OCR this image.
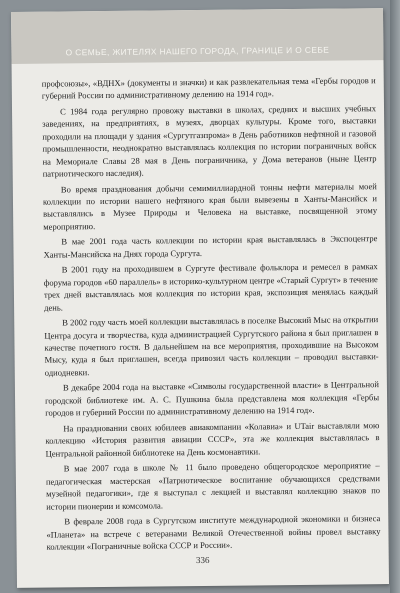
О СЕМЬЕ, ЖИТЕЛЯХ НАШЕГО ГОРОДА, ГРАНИЦЕ И О СЕБЕ

профсоюзы», «ВДНХ» (документы и значки) и как развлекательная тема «Гербы городов и губерний России по административному делению на 1914 год».

С 1984 года регулярно провожу выставки в школах, средних и высших учебных заведениях, на предприятиях, в музеях, дворцах культуры. Кроме того, выставки проходили на площади у здания «Сургутгазпрома» в День работников нефтяной и газовой промышленности, неоднократно выставлялась коллекция по истории пограничных войск на Мемориале Славы 28 мая в День пограничника, у Дома ветеранов (ныне Центр патриотического наследия).

Во время празднования добычи семимиллиардной тонны нефти материалы моей коллекции по истории нашего нефтяного края были вывезены в Ханты-Мансийск и выставлялись в Музее Природы и Человека на выставке, посвященной этому мероприятию.

В мае 2001 года часть коллекции по истории края выставлялась в Экспоцентре Ханты-Мансийска на Днях города Сургута.

В 2001 году на проходившем в Сургуте фестивале фольклора и ремесел в рамках форума городов «60 параллель» в историко-культурном центре «Старый Сургут» в течение трех дней выставлялась моя коллекция по истории края, экспозиция менялась каждый день.

В 2002 году часть моей коллекции выставлялась в поселке Высокий Мыс на открытии Центра досуга и творчества, куда администрацией Сургутского района я был приглашен в качестве почетного гостя. В дальнейшем на все мероприятия, проходившие на Высоком Мысу, куда я был приглашен, всегда привозил часть коллекции – проводил выставки-одиодневки.

В декабре 2004 года на выставке «Символы государственной власти» в Центральной городской библиотеке им. А. С. Пушкина была представлена моя коллекция «Гербы городов и губерний России по административному делению на 1914 год».

На праздновании своих юбилеев авиакомпании «Колавиа» и UTair выставляли мою коллекцию «История развития авиации СССР», эта же коллекция выставлялась в Центральной районной библиотеке на День космонавтики.

В мае 2007 года в школе № 11 было проведено общегородское мероприятие – педагогическая мастерская «Патриотическое воспитание обучающихся средствами музейной педагогики», где я выступал с лекцией и выставлял коллекцию знаков по истории пионерии и комсомола.

В феврале 2008 года в Сургутском институте международной экономики и бизнеса «Планета» на встрече с ветеранами Великой Отечественной войны провел выставку коллекции «Пограничные войска СССР и России».

336
